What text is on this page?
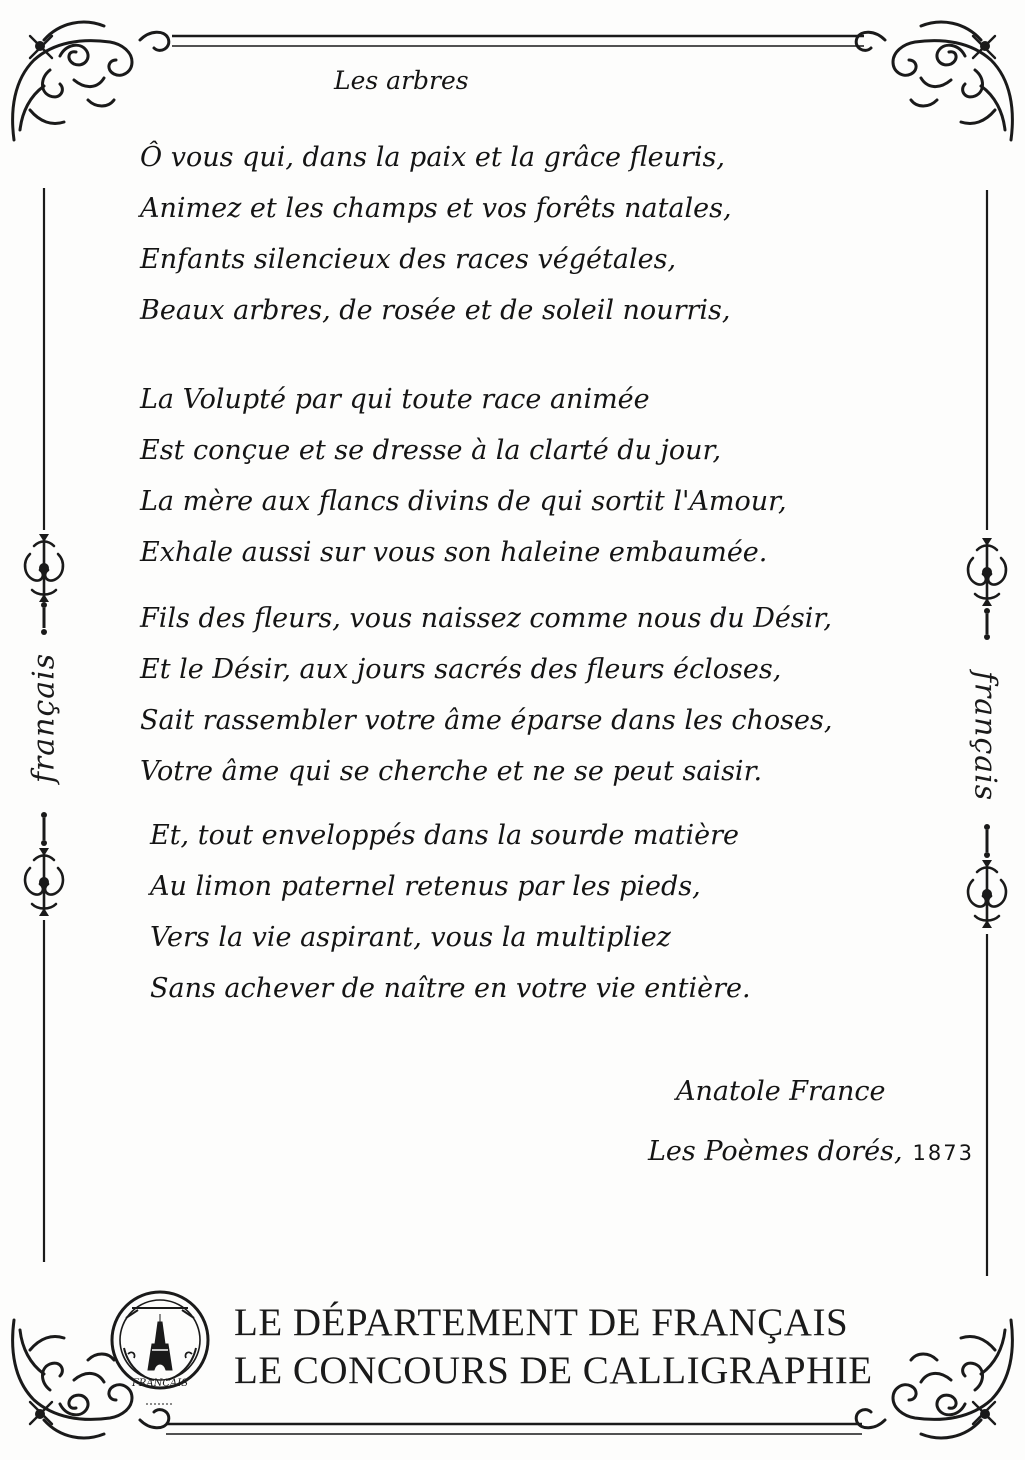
français	français
Les arbres
Ô vous qui, dans la paix et la grâce fleuris,
Animez et les champs et vos forêts natales,
Enfants silencieux des races végétales,
Beaux arbres, de rosée et de soleil nourris,
La Volupté par qui toute race animée
Est conçue et se dresse à la clarté du jour,
La mère aux flancs divins de qui sortit l'Amour,
Exhale aussi sur vous son haleine embaumée.
Fils des fleurs, vous naissez comme nous du Désir,
Et le Désir, aux jours sacrés des fleurs écloses,
Sait rassembler votre âme éparse dans les choses,
Votre âme qui se cherche et ne se peut saisir.
Et, tout enveloppés dans la sourde matière
Au limon paternel retenus par les pieds,
Vers la vie aspirant, vous la multipliez
Sans achever de naître en votre vie entière.
Anatole France
Les Poèmes dorés, 1873
FRANÇAIS
LE DÉPARTEMENT DE FRANÇAIS
LE CONCOURS DE CALLIGRAPHIE
